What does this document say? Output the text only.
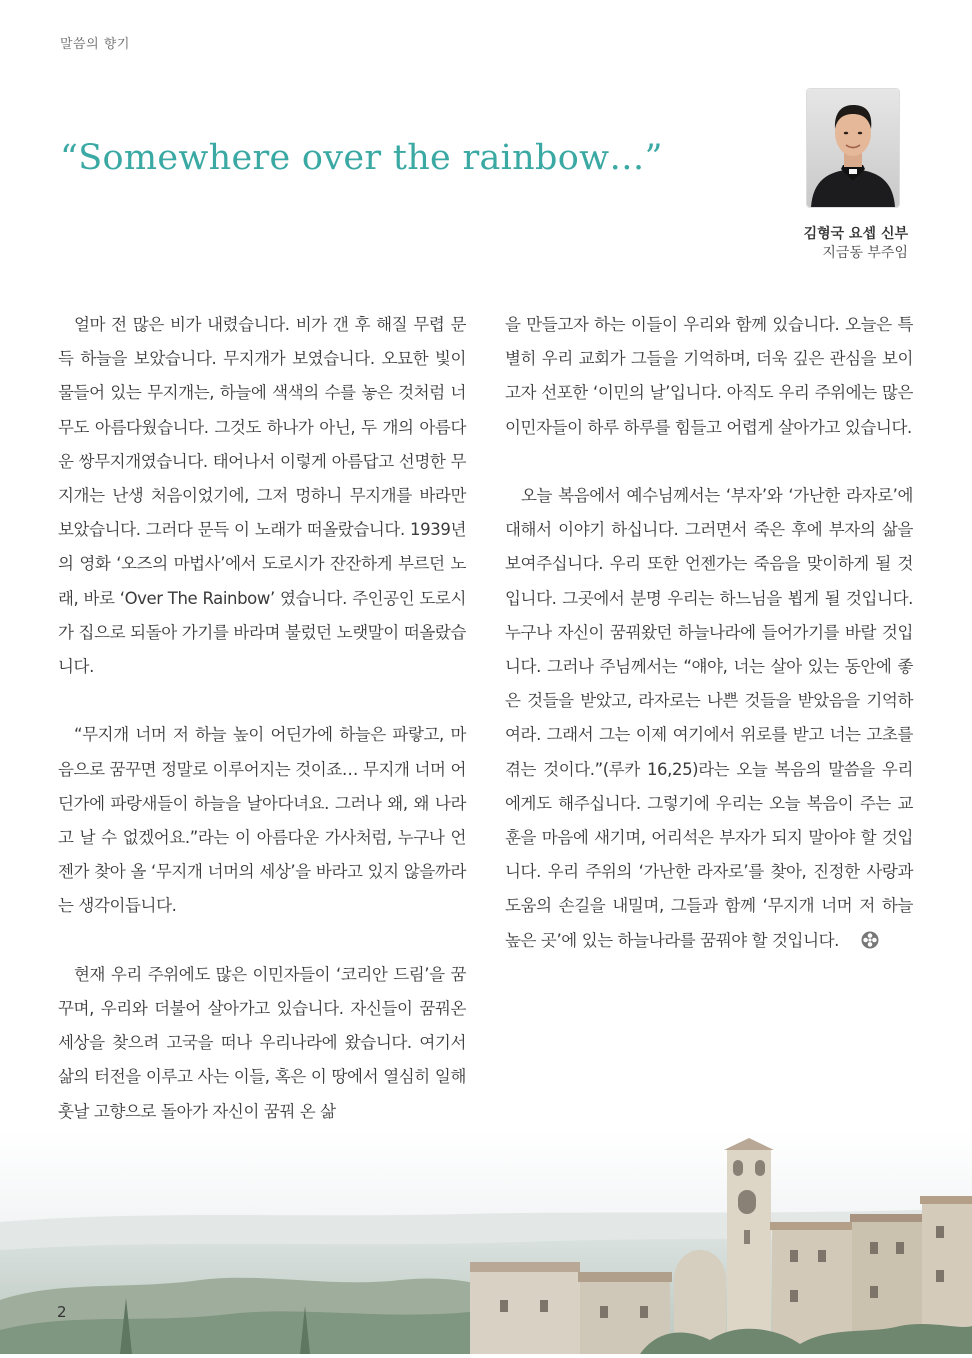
말씀의 향기
“Somewhere over the rainbow…”
김형국 요셉 신부
지금동 부주임

얼마 전 많은 비가 내렸습니다. 비가 갠 후 해질 무렵 문득 하늘을 보았습니다. 무지개가 보였습니다. 오묘한 빛이 물들어 있는 무지개는, 하늘에 색색의 수를 놓은 것처럼 너무도 아름다웠습니다. 그것도 하나가 아닌, 두 개의 아름다운 쌍무지개였습니다. 태어나서 이렇게 아름답고 선명한 무지개는 난생 처음이었기에, 그저 멍하니 무지개를 바라만 보았습니다. 그러다 문득 이 노래가 떠올랐습니다. 1939년의 영화 ‘오즈의 마법사’에서 도로시가 잔잔하게 부르던 노래, 바로 ‘Over The Rainbow’ 였습니다. 주인공인 도로시가 집으로 되돌아 가기를 바라며 불렀던 노랫말이 떠올랐습니다.

“무지개 너머 저 하늘 높이 어딘가에 하늘은 파랗고, 마음으로 꿈꾸면 정말로 이루어지는 것이죠… 무지개 너머 어딘가에 파랑새들이 하늘을 날아다녀요. 그러나 왜, 왜 나라고 날 수 없겠어요.”라는 이 아름다운 가사처럼, 누구나 언젠가 찾아 올 ‘무지개 너머의 세상’을 바라고 있지 않을까라는 생각이듭니다.

현재 우리 주위에도 많은 이민자들이 ‘코리안 드림’을 꿈꾸며, 우리와 더불어 살아가고 있습니다. 자신들이 꿈꿔온 세상을 찾으려 고국을 떠나 우리나라에 왔습니다. 여기서 삶의 터전을 이루고 사는 이들, 혹은 이 땅에서 열심히 일해 훗날 고향으로 돌아가 자신이 꿈꿔 온 삶

을 만들고자 하는 이들이 우리와 함께 있습니다. 오늘은 특별히 우리 교회가 그들을 기억하며, 더욱 깊은 관심을 보이고자 선포한 ‘이민의 날’입니다. 아직도 우리 주위에는 많은 이민자들이 하루 하루를 힘들고 어렵게 살아가고 있습니다.

오늘 복음에서 예수님께서는 ‘부자’와 ‘가난한 라자로’에 대해서 이야기 하십니다. 그러면서 죽은 후에 부자의 삶을 보여주십니다. 우리 또한 언젠가는 죽음을 맞이하게 될 것입니다. 그곳에서 분명 우리는 하느님을 뵙게 될 것입니다. 누구나 자신이 꿈꿔왔던 하늘나라에 들어가기를 바랄 것입니다. 그러나 주님께서는 “얘야, 너는 살아 있는 동안에 좋은 것들을 받았고, 라자로는 나쁜 것들을 받았음을 기억하여라. 그래서 그는 이제 여기에서 위로를 받고 너는 고초를 겪는 것이다.”(루카 16,25)라는 오늘 복음의 말씀을 우리에게도 해주십니다. 그렇기에 우리는 오늘 복음이 주는 교훈을 마음에 새기며, 어리석은 부자가 되지 말아야 할 것입니다. 우리 주위의 ‘가난한 라자로’를 찾아, 진정한 사랑과 도움의 손길을 내밀며, 그들과 함께 ‘무지개 너머 저 하늘 높은 곳’에 있는 하늘나라를 꿈꿔야 할 것입니다.

2
